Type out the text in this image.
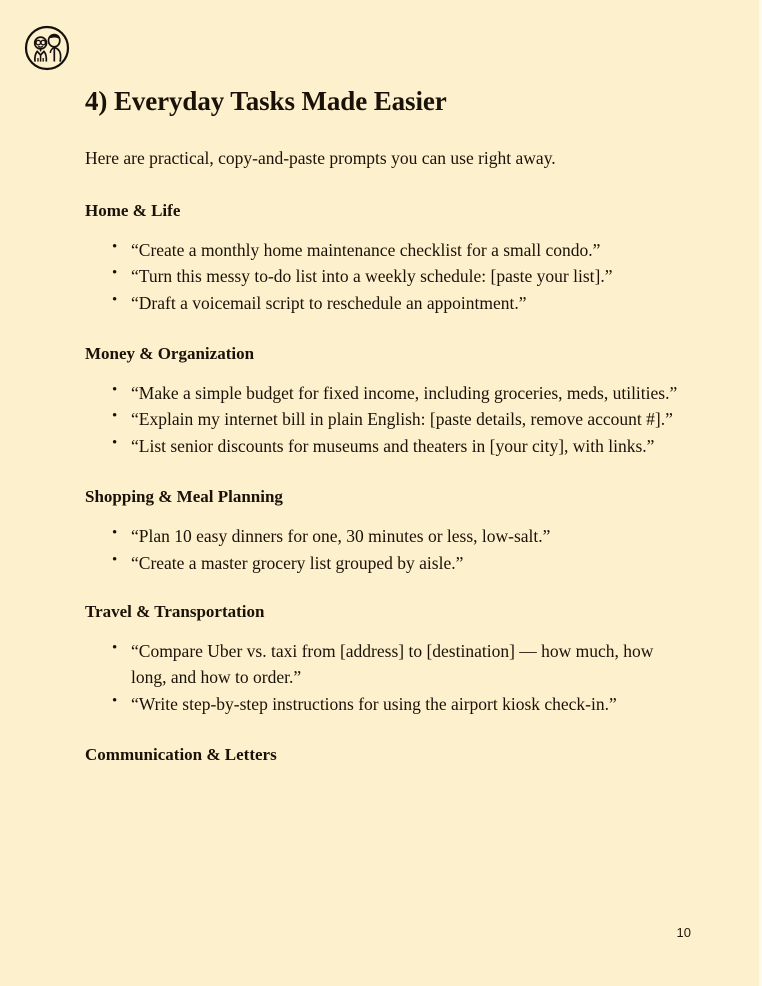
4) Everyday Tasks Made Easier

Here are practical, copy‐and‐paste prompts you can use right away.

Home & Life
• “Create a monthly home maintenance checklist for a small condo.”
• “Turn this messy to-do list into a weekly schedule: [paste your list].”
• “Draft a voicemail script to reschedule an appointment.”
Money & Organization
• “Make a simple budget for fixed income, including groceries, meds, utilities.”
• “Explain my internet bill in plain English: [paste details, remove account #].”
• “List senior discounts for museums and theaters in [your city], with links.”
Shopping & Meal Planning
• “Plan 10 easy dinners for one, 30 minutes or less, low‐salt.”
• “Create a master grocery list grouped by aisle.”
Travel & Transportation
• “Compare Uber vs. taxi from [address] to [destination] — how much, how long, and how to order.”
• “Write step‐by‐step instructions for using the airport kiosk check‐in.”
Communication & Letters
10
